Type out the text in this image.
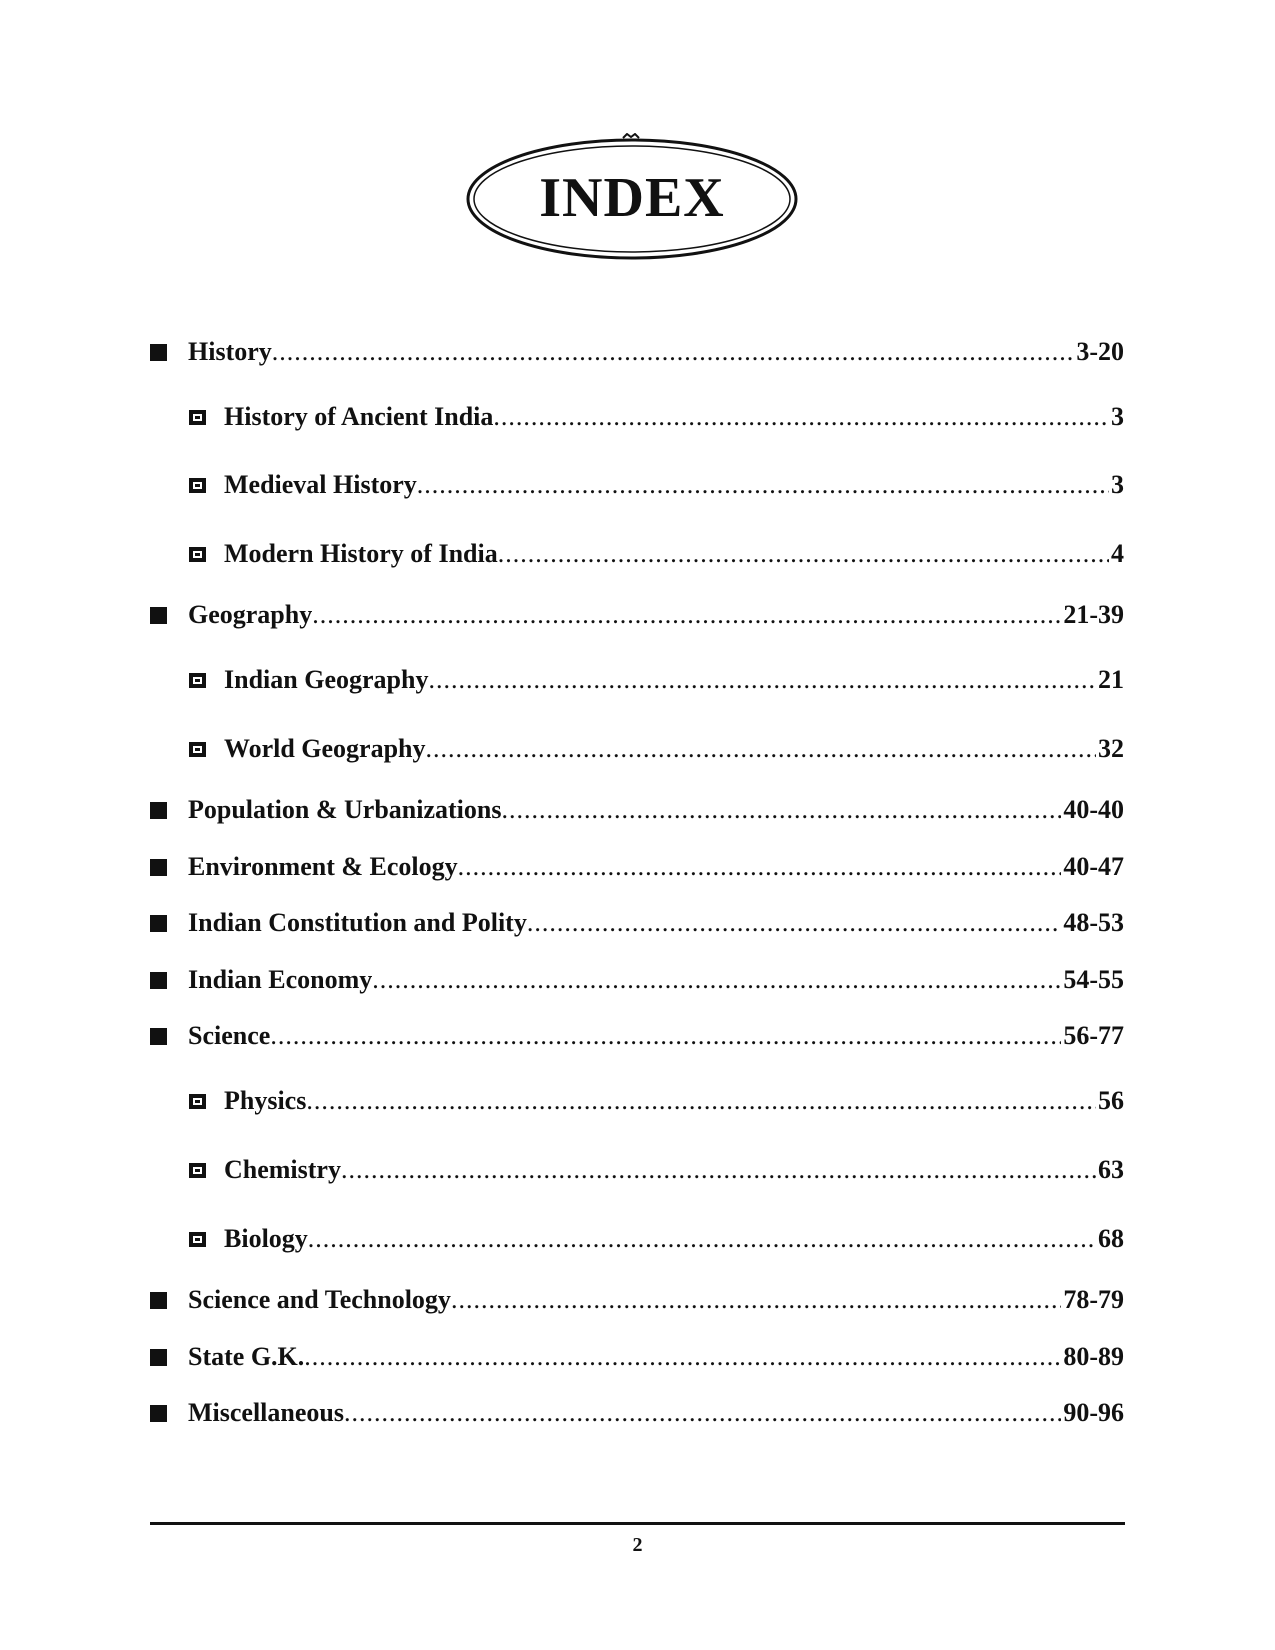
INDEX
History .....	3-20
History of Ancient India .....	3
Medieval History .....	3
Modern History of India .....	4
Geography .....	21-39
Indian Geography .....	21
World Geography .....	32
Population & Urbanizations .....	40-40
Environment & Ecology .....	40-47
Indian Constitution and Polity .....	48-53
Indian Economy .....	54-55
Science .....	56-77
Physics .....	56
Chemistry .....	63
Biology .....	68
Science and Technology .....	78-79
State G.K. .....	80-89
Miscellaneous .....	90-96
2
